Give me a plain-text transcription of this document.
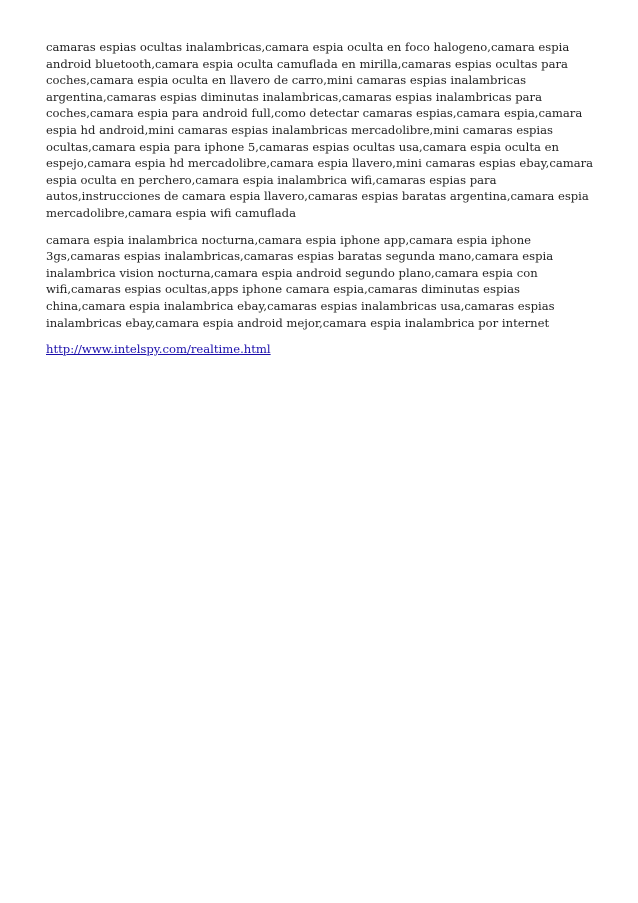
camaras espias ocultas inalambricas,camara espia oculta en foco halogeno,camara espia android bluetooth,camara espia oculta camuflada en mirilla,camaras espias ocultas para coches,camara espia oculta en llavero de carro,mini camaras espias inalambricas argentina,camaras espias diminutas inalambricas,camaras espias inalambricas para coches,camara espia para android full,como detectar camaras espias,camara espia,camara espia hd android,mini camaras espias inalambricas mercadolibre,mini camaras espias ocultas,camara espia para iphone 5,camaras espias ocultas usa,camara espia oculta en espejo,camara espia hd mercadolibre,camara espia llavero,mini camaras espias ebay,camara espia oculta en perchero,camara espia inalambrica wifi,camaras espias para autos,instrucciones de camara espia llavero,camaras espias baratas argentina,camara espia mercadolibre,camara espia wifi camuflada

camara espia inalambrica nocturna,camara espia iphone app,camara espia iphone 3gs,camaras espias inalambricas,camaras espias baratas segunda mano,camara espia inalambrica vision nocturna,camara espia android segundo plano,camara espia con wifi,camaras espias ocultas,apps iphone camara espia,camaras diminutas espias china,camara espia inalambrica ebay,camaras espias inalambricas usa,camaras espias inalambricas ebay,camara espia android mejor,camara espia inalambrica por internet

http://www.intelspy.com/realtime.html
